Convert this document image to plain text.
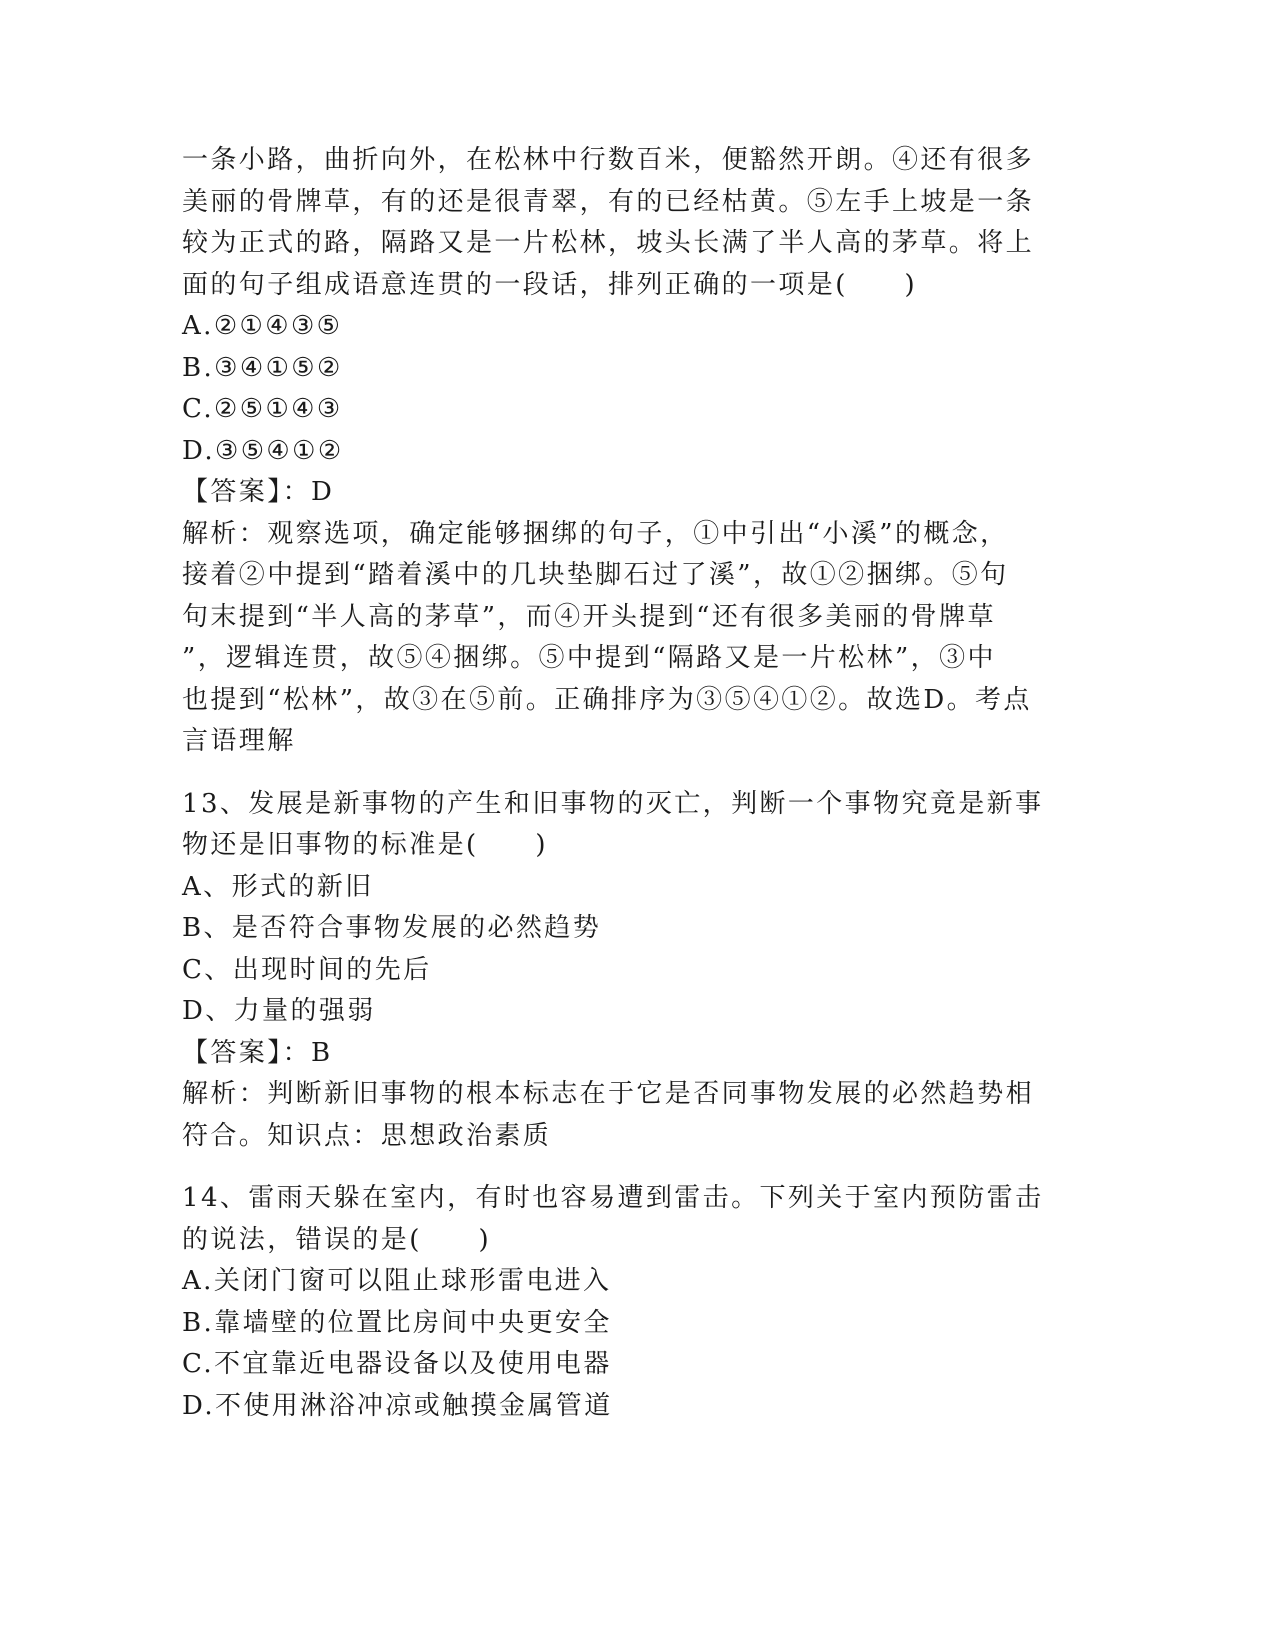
一条小路，曲折向外，在松林中行数百米，便豁然开朗。④还有很多
美丽的骨牌草，有的还是很青翠，有的已经枯黄。⑤左手上坡是一条
较为正式的路，隔路又是一片松林，坡头长满了半人高的茅草。将上
面的句子组成语意连贯的一段话，排列正确的一项是(　　)
A.②①④③⑤
B.③④①⑤②
C.②⑤①④③
D.③⑤④①②
【答案】：D
解析：观察选项，确定能够捆绑的句子，①中引出“小溪”的概念，
接着②中提到“踏着溪中的几块垫脚石过了溪”，故①②捆绑。⑤句
句末提到“半人高的茅草”，而④开头提到“还有很多美丽的骨牌草
”，逻辑连贯，故⑤④捆绑。⑤中提到“隔路又是一片松林”，③中
也提到“松林”，故③在⑤前。正确排序为③⑤④①②。故选D。考点
言语理解
13、发展是新事物的产生和旧事物的灭亡，判断一个事物究竟是新事
物还是旧事物的标准是(　　)
A、形式的新旧
B、是否符合事物发展的必然趋势
C、出现时间的先后
D、力量的强弱
【答案】：B
解析：判断新旧事物的根本标志在于它是否同事物发展的必然趋势相
符合。知识点：思想政治素质
14、雷雨天躲在室内，有时也容易遭到雷击。下列关于室内预防雷击
的说法，错误的是(　　)
A.关闭门窗可以阻止球形雷电进入
B.靠墙壁的位置比房间中央更安全
C.不宜靠近电器设备以及使用电器
D.不使用淋浴冲凉或触摸金属管道
